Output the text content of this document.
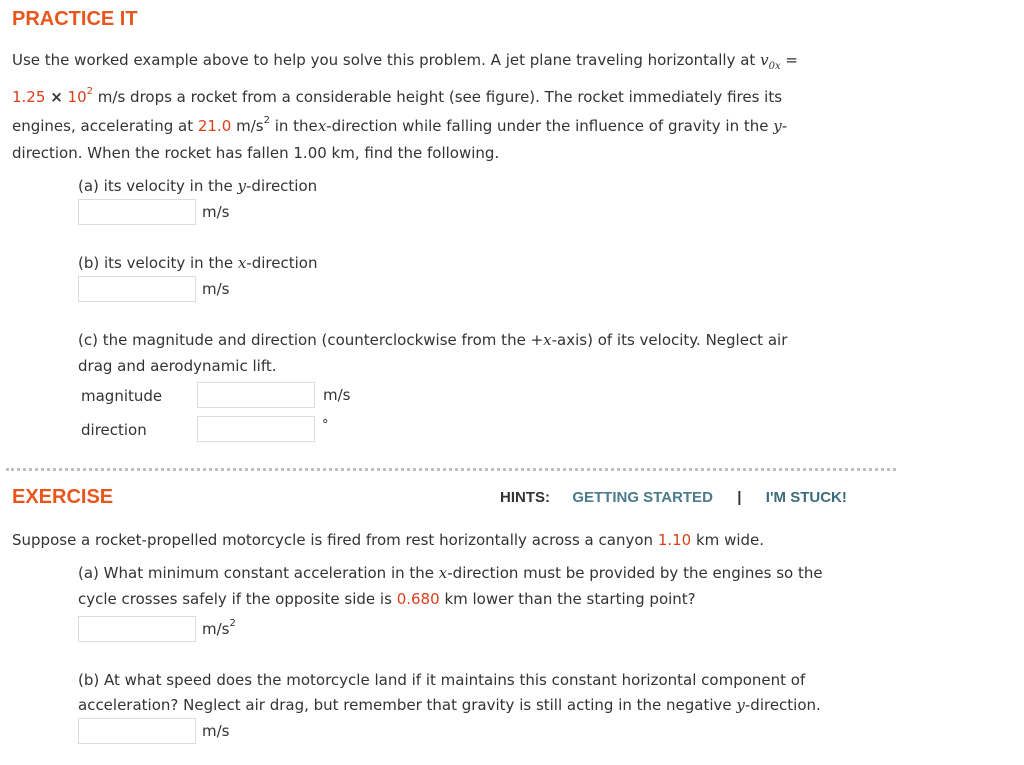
PRACTICE IT
Use the worked example above to help you solve this problem. A jet plane traveling horizontally at $v_{0x}$ =
$1.25 \times 10^2$ m/s drops a rocket from a considerable height (see figure). The rocket immediately fires its
engines, accelerating at 21.0 $m/s^2$ in thex-direction while falling under the influence of gravity in the y-
direction. When the rocket has fallen 1.00 km, find the following.
(a) its velocity in the y-direction
m/s
(b) its velocity in the x-direction
m/s
(c) the magnitude and direction (counterclockwise from the +x-axis) of its velocity. Neglect air
drag and aerodynamic lift.
magnitude	m/s
direction	°
EXERCISE	HINTS: GETTING STARTED | I'M STUCK!
Suppose a rocket-propelled motorcycle is fired from rest horizontally across a canyon 1.10 km wide.
(a) What minimum constant acceleration in the x-direction must be provided by the engines so the
cycle crosses safely if the opposite side is 0.680 km lower than the starting point?
$m/s^2$
(b) At what speed does the motorcycle land if it maintains this constant horizontal component of
acceleration? Neglect air drag, but remember that gravity is still acting in the negative y-direction.
m/s
